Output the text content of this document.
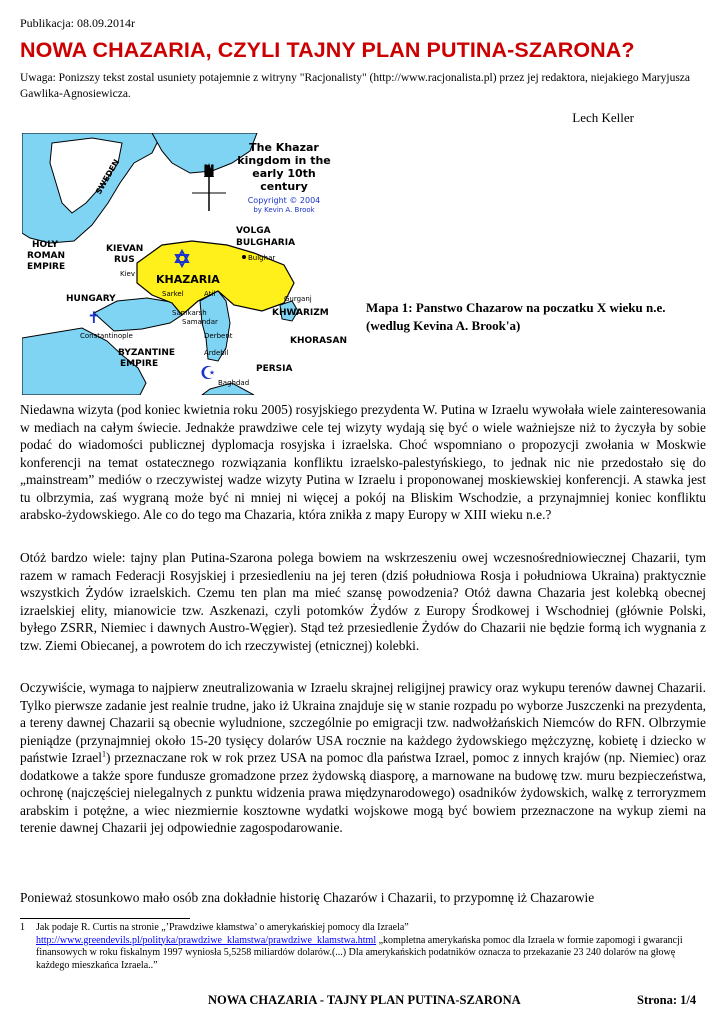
Publikacja: 08.09.2014r
NOWA CHAZARIA, CZYLI TAJNY PLAN PUTINA-SZARONA?
Uwaga: Ponizszy tekst zostal usuniety potajemnie z witryny "Racjonalisty" (http://www.racjonalista.pl) przez jej redaktora, niejakiego Maryjusza Gawlika-Agnosiewicza.
Lech Keller
The Khazar
kingdom in the
early 10th
century
Copyright © 2004
by Kevin A. Brook
N
SWEDEN
HOLY
ROMAN
EMPIRE
KIEVAN
RUS
Kiev
VOLGA
BULGHARIA
Bulghar
KHAZARIA
Sarkel	Atil
HUNGARY
✝	Samkarsh
Samandar
Gurganj
KHWARIZM
Constantinople
BYZANTINE
EMPIRE
Derbent	KHORASAN
Ardebil
☪	PERSIA
Baghdad
Mapa 1: Panstwo Chazarow na poczatku X wieku n.e. (wedlug Kevina A. Brook'a)

Niedawna wizyta (pod koniec kwietnia roku 2005) rosyjskiego prezydenta W. Putina w Izraelu wywołała wiele zainteresowania w mediach na całym świecie. Jednakże prawdziwe cele tej wizyty wydają się być o wiele ważniejsze niż to życzyła by sobie podać do wiadomości publicznej dyplomacja rosyjska i izraelska. Choć wspomniano o propozycji zwołania w Moskwie konferencji na temat ostatecznego rozwiązania konfliktu izraelsko-palestyńskiego, to jednak nic nie przedostało się do „mainstream” mediów o rzeczywistej wadze wizyty Putina w Izraelu i proponowanej moskiewskiej konferencji. A stawka jest tu olbrzymia, zaś wygraną może być ni mniej ni więcej a pokój na Bliskim Wschodzie, a przynajmniej koniec konfliktu arabsko-żydowskiego. Ale co do tego ma Chazaria, która znikła z mapy Europy w XIII wieku n.e.?

Otóż bardzo wiele: tajny plan Putina-Szarona polega bowiem na wskrzeszeniu owej wczesnośredniowiecznej Chazarii, tym razem w ramach Federacji Rosyjskiej i przesiedleniu na jej teren (dziś południowa Rosja i południowa Ukraina) praktycznie wszystkich Żydów izraelskich. Czemu ten plan ma mieć szansę powodzenia? Otóż dawna Chazaria jest kolebką obecnej izraelskiej elity, mianowicie tzw. Aszkenazi, czyli potomków Żydów z Europy Środkowej i Wschodniej (głównie Polski, byłego ZSRR, Niemiec i dawnych Austro-Węgier). Stąd też przesiedlenie Żydów do Chazarii nie będzie formą ich wygnania z tzw. Ziemi Obiecanej, a powrotem do ich rzeczywistej (etnicznej) kolebki.

Oczywiście, wymaga to najpierw zneutralizowania w Izraelu skrajnej religijnej prawicy oraz wykupu terenów dawnej Chazarii. Tylko pierwsze zadanie jest realnie trudne, jako iż Ukraina znajduje się w stanie rozpadu po wyborze Juszczenki na prezydenta, a tereny dawnej Chazarii są obecnie wyludnione, szczególnie po emigracji tzw. nadwołżańskich Niemców do RFN. Olbrzymie pieniądze (przynajmniej około 15-20 tysięcy dolarów USA rocznie na każdego żydowskiego mężczyznę, kobietę i dziecko w państwie Izrael$^1$) przeznaczane rok w rok przez USA na pomoc dla państwa Izrael, pomoc z innych krajów (np. Niemiec) oraz dodatkowe a także spore fundusze gromadzone przez żydowską diasporę, a marnowane na budowę tzw. muru bezpieczeństwa, ochronę (najczęściej nielegalnych z punktu widzenia prawa międzynarodowego) osadników żydowskich, walkę z terroryzmem arabskim i potężne, a wiec niezmiernie kosztowne wydatki wojskowe mogą być bowiem przeznaczone na wykup ziemi na terenie dawnej Chazarii jej odpowiednie zagospodarowanie.

Ponieważ stosunkowo mało osób zna dokładnie historię Chazarów i Chazarii, to przypomnę iż Chazarowie

1 Jak podaje R. Curtis na stronie „’Prawdziwe kłamstwa’ o amerykańskiej pomocy dla Izraela”
http://www.greendevils.pl/polityka/prawdziwe_klamstwa/prawdziwe_klamstwa.html „kompletna amerykańska pomoc dla Izraela w formie zapomogi i gwarancji finansowych w roku fiskalnym 1997 wyniosła 5,5258 miliardów dolarów.(...) Dla amerykańskich podatników oznacza to przekazanie 23 240 dolarów na głowę każdego mieszkańca Izraela..”
NOWA CHAZARIA - TAJNY PLAN PUTINA-SZARONA	Strona: 1/4
